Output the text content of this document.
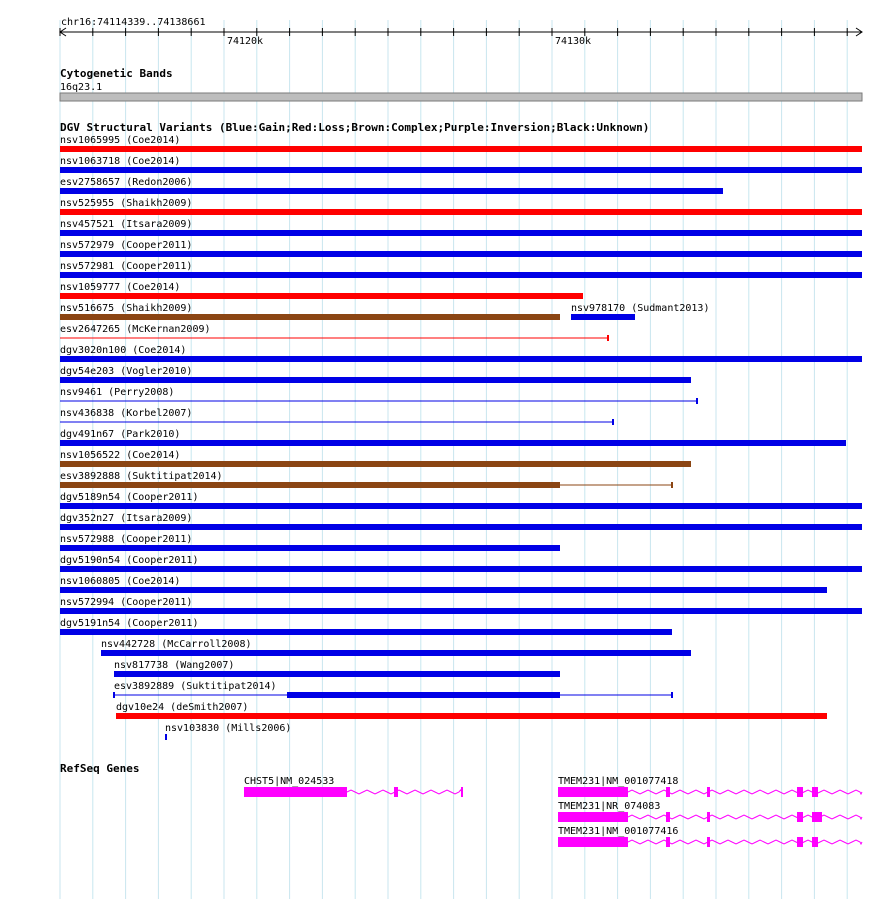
chr16:74114339..74138661
74120k	74130k
Cytogenetic Bands
16q23.1
DGV Structural Variants (Blue:Gain;Red:Loss;Brown:Complex;Purple:Inversion;Black:Unknown)
nsv1065995 (Coe2014)
nsv1063718 (Coe2014)
esv2758657 (Redon2006)
nsv525955 (Shaikh2009)
nsv457521 (Itsara2009)
nsv572979 (Cooper2011)
nsv572981 (Cooper2011)
nsv1059777 (Coe2014)
nsv516675 (Shaikh2009)	nsv978170 (Sudmant2013)
esv2647265 (McKernan2009)
dgv3020n100 (Coe2014)
dgv54e203 (Vogler2010)
nsv9461 (Perry2008)
nsv436838 (Korbel2007)
dgv491n67 (Park2010)
nsv1056522 (Coe2014)
esv3892888 (Suktitipat2014)
dgv5189n54 (Cooper2011)
dgv352n27 (Itsara2009)
nsv572988 (Cooper2011)
dgv5190n54 (Cooper2011)
nsv1060805 (Coe2014)
nsv572994 (Cooper2011)
dgv5191n54 (Cooper2011)
nsv442728 (McCarroll2008)
nsv817738 (Wang2007)
esv3892889 (Suktitipat2014)
dgv10e24 (deSmith2007)
nsv103830 (Mills2006)
RefSeq Genes
CHST5|NM_024533	TMEM231|NM_001077418
TMEM231|NR_074083
TMEM231|NM_001077416
